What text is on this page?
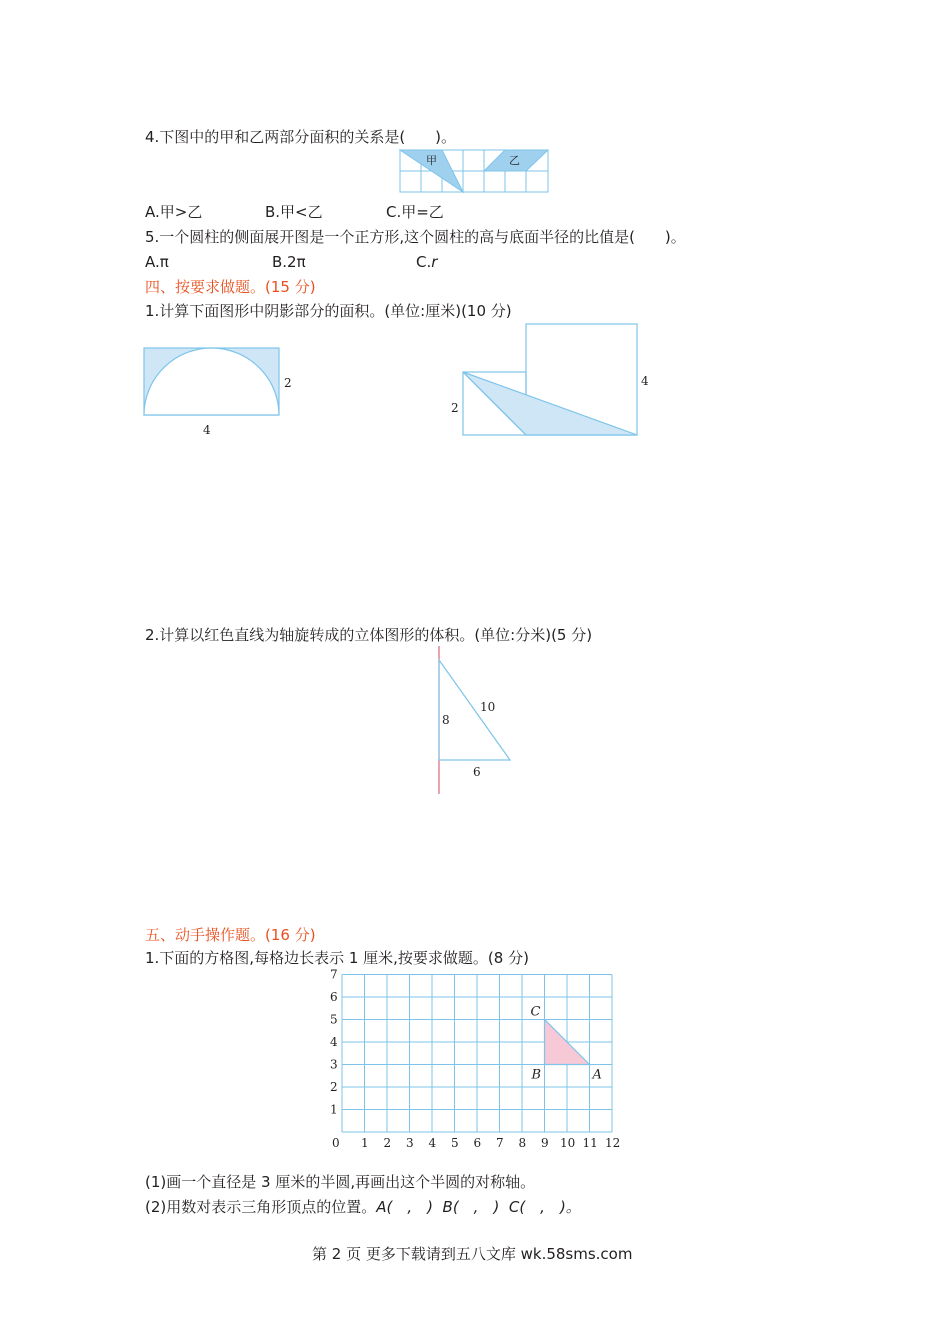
4.下图中的甲和乙两部分面积的关系是(　　)。
甲	乙
A.甲>乙	B.甲<乙	C.甲=乙
5.一个圆柱的侧面展开图是一个正方形,这个圆柱的高与底面半径的比值是(　　)。
A.π	B.2π	C.r
四、按要求做题。(15 分)
1.计算下面图形中阴影部分的面积。(单位:厘米)(10 分)
2
4
2
4
2.计算以红色直线为轴旋转成的立体图形的体积。(单位:分米)(5 分)
8
10
6
五、动手操作题。(16 分)
1.下面的方格图,每格边长表示 1 厘米,按要求做题。(8 分)
0 1 2 3 4 5 6 7 8 9 10 11 12
1
2
3
4
5
6
7
A
B
C
(1)画一个直径是 3 厘米的半圆,再画出这个半圆的对称轴。
(2)用数对表示三角形顶点的位置。A(　,　) B(　,　) C(　,　)。
第 2 页 更多下载请到五八文库 wk.58sms.com
